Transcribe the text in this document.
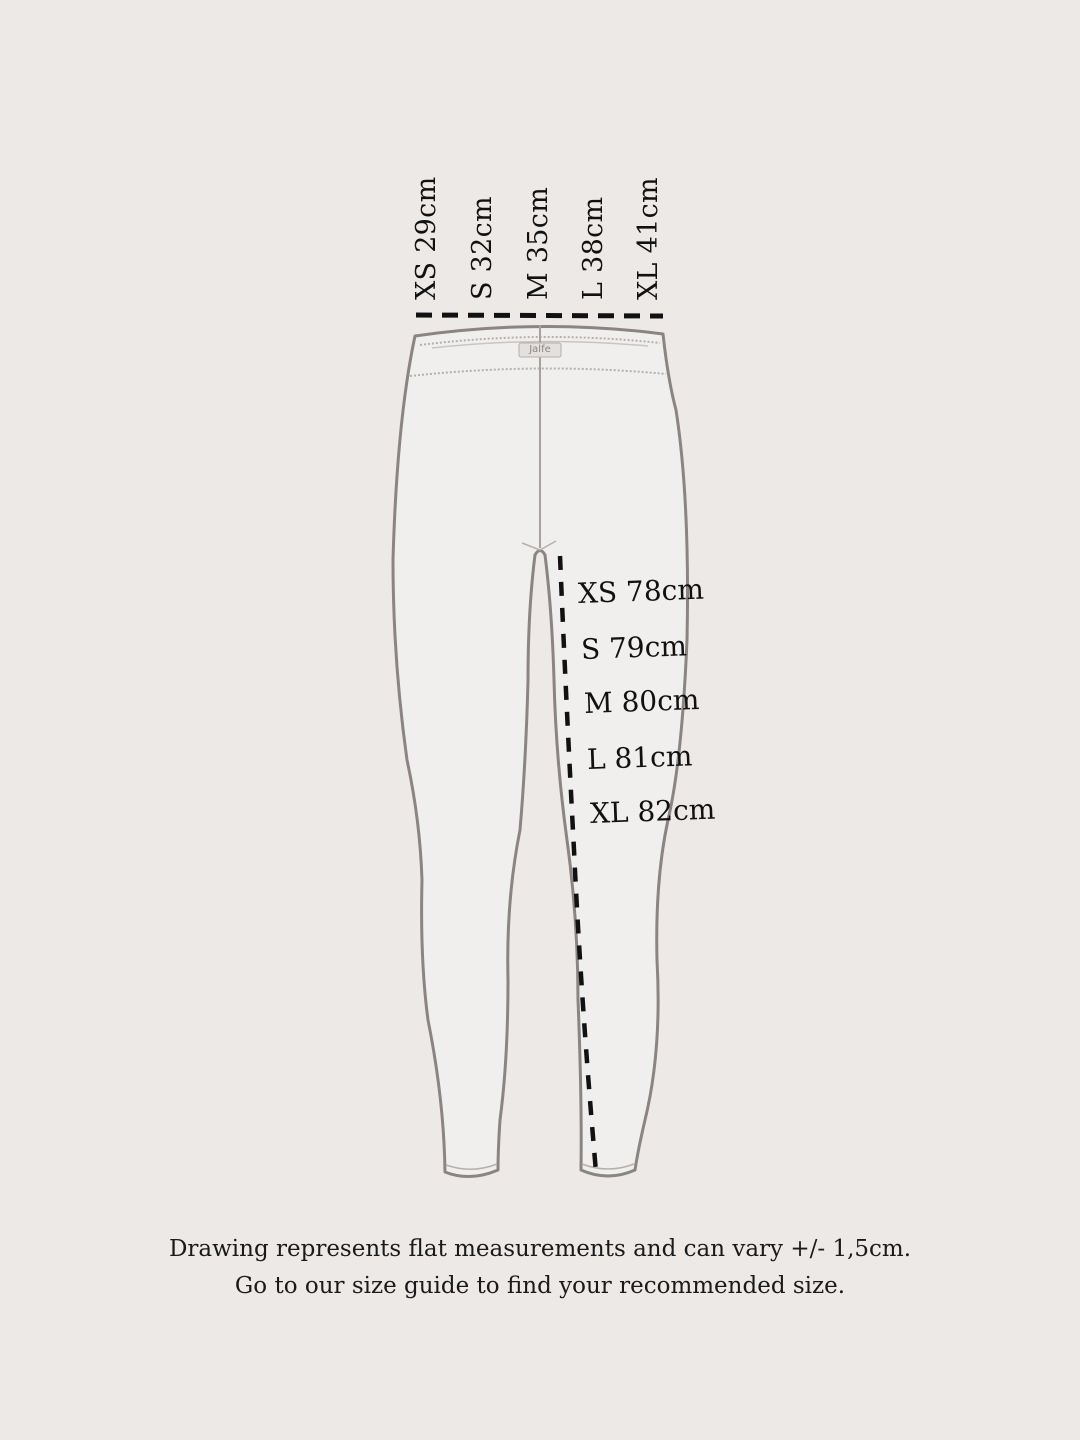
Jalfe
XS 29cm S 32cm M 35cm L 38cm XL 41cm
XS 78cm
S 79cm
M 80cm
L 81cm
XL 82cm
Drawing represents flat measurements and can vary +/- 1,5cm.
Go to our size guide to find your recommended size.
